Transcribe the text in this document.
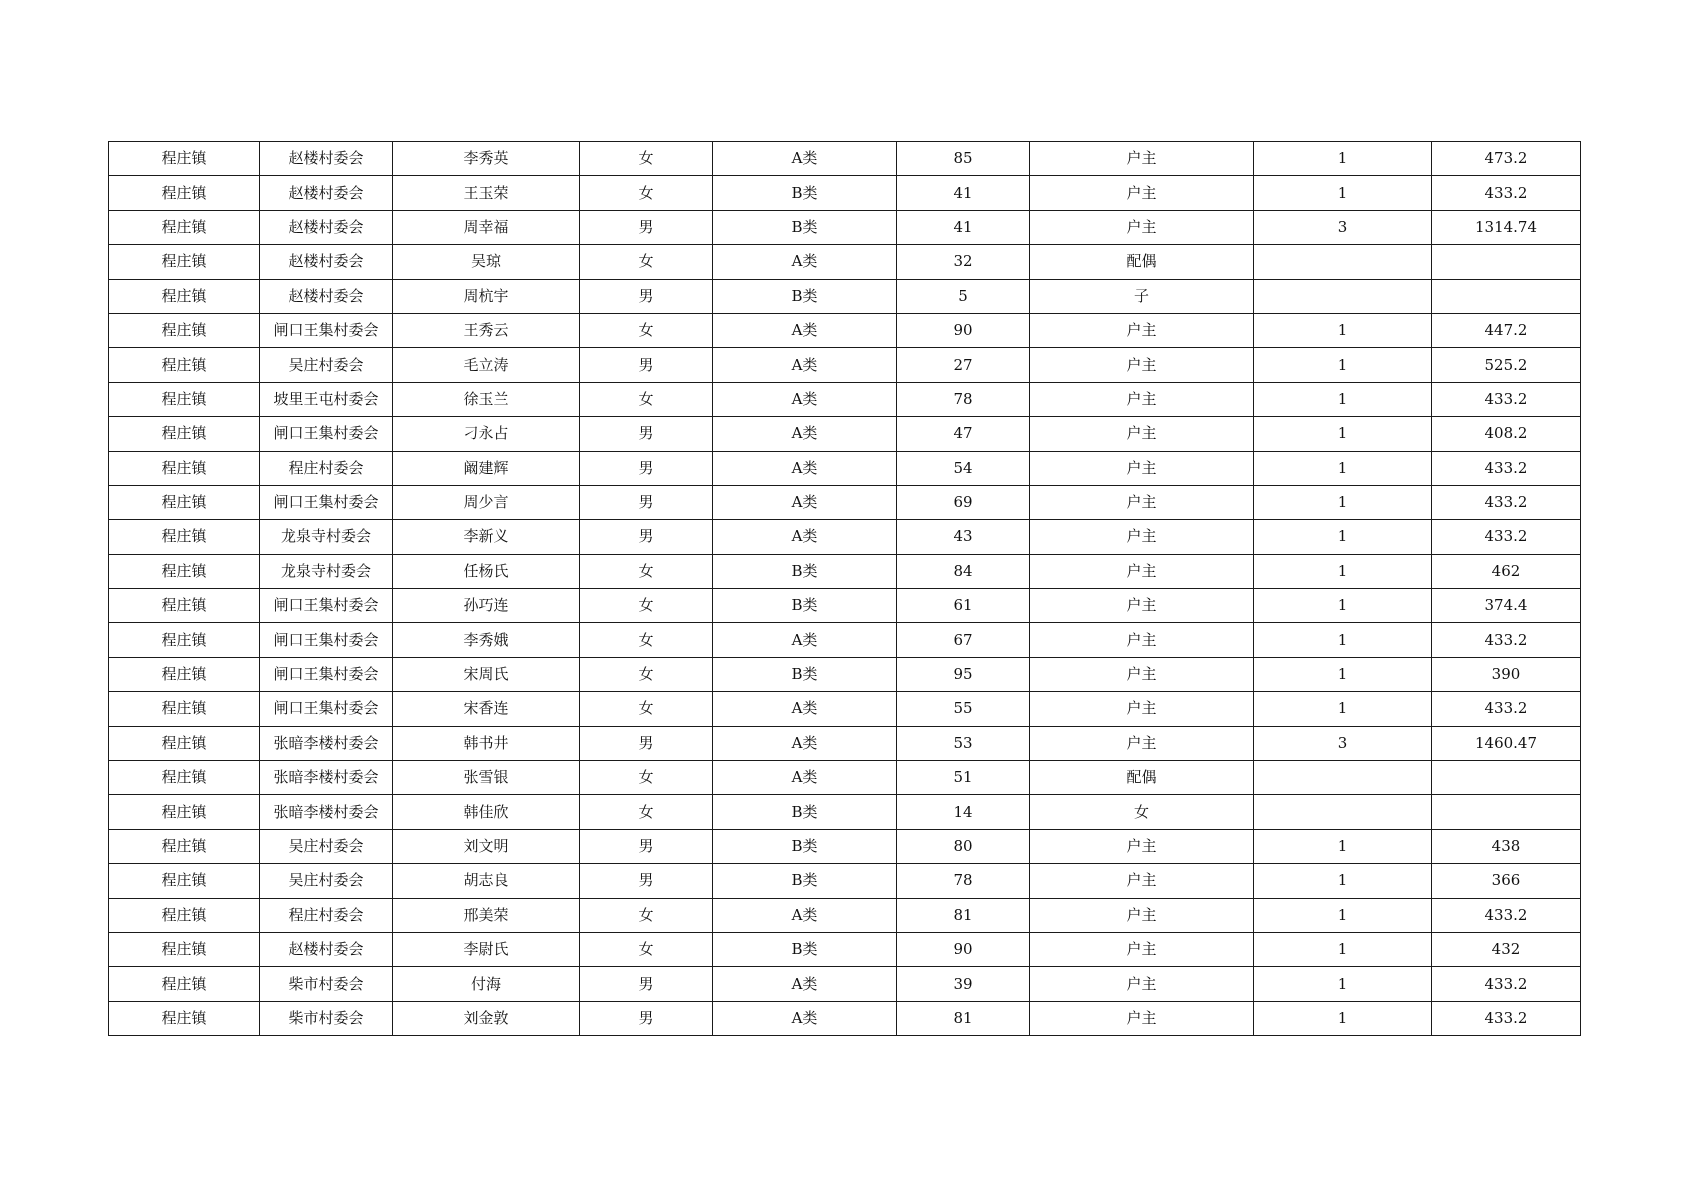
程庄镇	赵楼村委会	李秀英	女	A类	85	户主	1	473.2
程庄镇	赵楼村委会	王玉荣	女	B类	41	户主	1	433.2
程庄镇	赵楼村委会	周幸福	男	B类	41	户主	3	1314.74
程庄镇	赵楼村委会	吴琼	女	A类	32	配偶		
程庄镇	赵楼村委会	周杭宇	男	B类	5	子		
程庄镇	闸口王集村委会	王秀云	女	A类	90	户主	1	447.2
程庄镇	吴庄村委会	毛立涛	男	A类	27	户主	1	525.2
程庄镇	坡里王屯村委会	徐玉兰	女	A类	78	户主	1	433.2
程庄镇	闸口王集村委会	刁永占	男	A类	47	户主	1	408.2
程庄镇	程庄村委会	阚建辉	男	A类	54	户主	1	433.2
程庄镇	闸口王集村委会	周少言	男	A类	69	户主	1	433.2
程庄镇	龙泉寺村委会	李新义	男	A类	43	户主	1	433.2
程庄镇	龙泉寺村委会	任杨氏	女	B类	84	户主	1	462
程庄镇	闸口王集村委会	孙巧连	女	B类	61	户主	1	374.4
程庄镇	闸口王集村委会	李秀娥	女	A类	67	户主	1	433.2
程庄镇	闸口王集村委会	宋周氏	女	B类	95	户主	1	390
程庄镇	闸口王集村委会	宋香连	女	A类	55	户主	1	433.2
程庄镇	张暗李楼村委会	韩书井	男	A类	53	户主	3	1460.47
程庄镇	张暗李楼村委会	张雪银	女	A类	51	配偶		
程庄镇	张暗李楼村委会	韩佳欣	女	B类	14	女		
程庄镇	吴庄村委会	刘文明	男	B类	80	户主	1	438
程庄镇	吴庄村委会	胡志良	男	B类	78	户主	1	366
程庄镇	程庄村委会	邢美荣	女	A类	81	户主	1	433.2
程庄镇	赵楼村委会	李尉氏	女	B类	90	户主	1	432
程庄镇	柴市村委会	付海	男	A类	39	户主	1	433.2
程庄镇	柴市村委会	刘金敦	男	A类	81	户主	1	433.2
